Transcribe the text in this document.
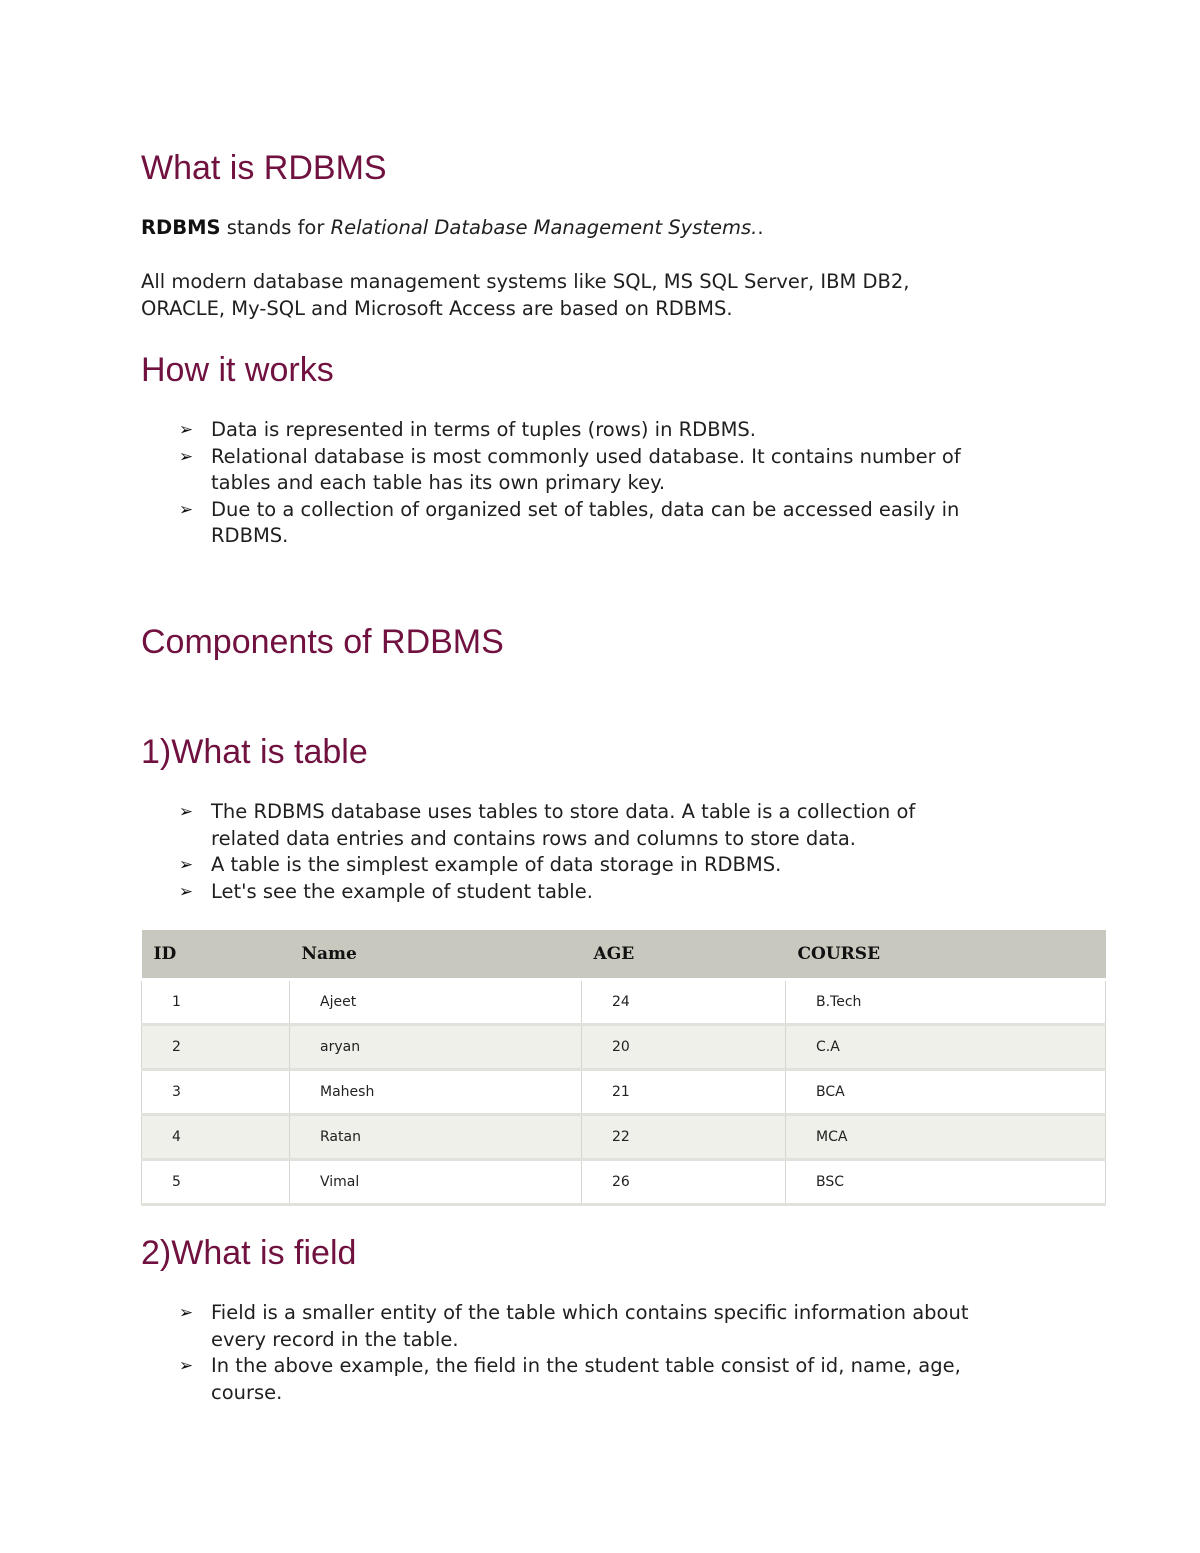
What is RDBMS

RDBMS stands for Relational Database Management Systems..

All modern database management systems like SQL, MS SQL Server, IBM DB2,
ORACLE, My-SQL and Microsoft Access are based on RDBMS.

How it works
➢ Data is represented in terms of tuples (rows) in RDBMS.
➢ Relational database is most commonly used database. It contains number of
tables and each table has its own primary key.
➢ Due to a collection of organized set of tables, data can be accessed easily in
RDBMS.
Components of RDBMS
1)What is table
➢ The RDBMS database uses tables to store data. A table is a collection of
related data entries and contains rows and columns to store data.
➢ A table is the simplest example of data storage in RDBMS.
➢ Let's see the example of student table.
ID	Name	AGE	COURSE
1	Ajeet	24	B.Tech
2	aryan	20	C.A
3	Mahesh	21	BCA
4	Ratan	22	MCA
5	Vimal	26	BSC
2)What is field
➢ Field is a smaller entity of the table which contains specific information about
every record in the table.
➢ In the above example, the field in the student table consist of id, name, age,
course.
